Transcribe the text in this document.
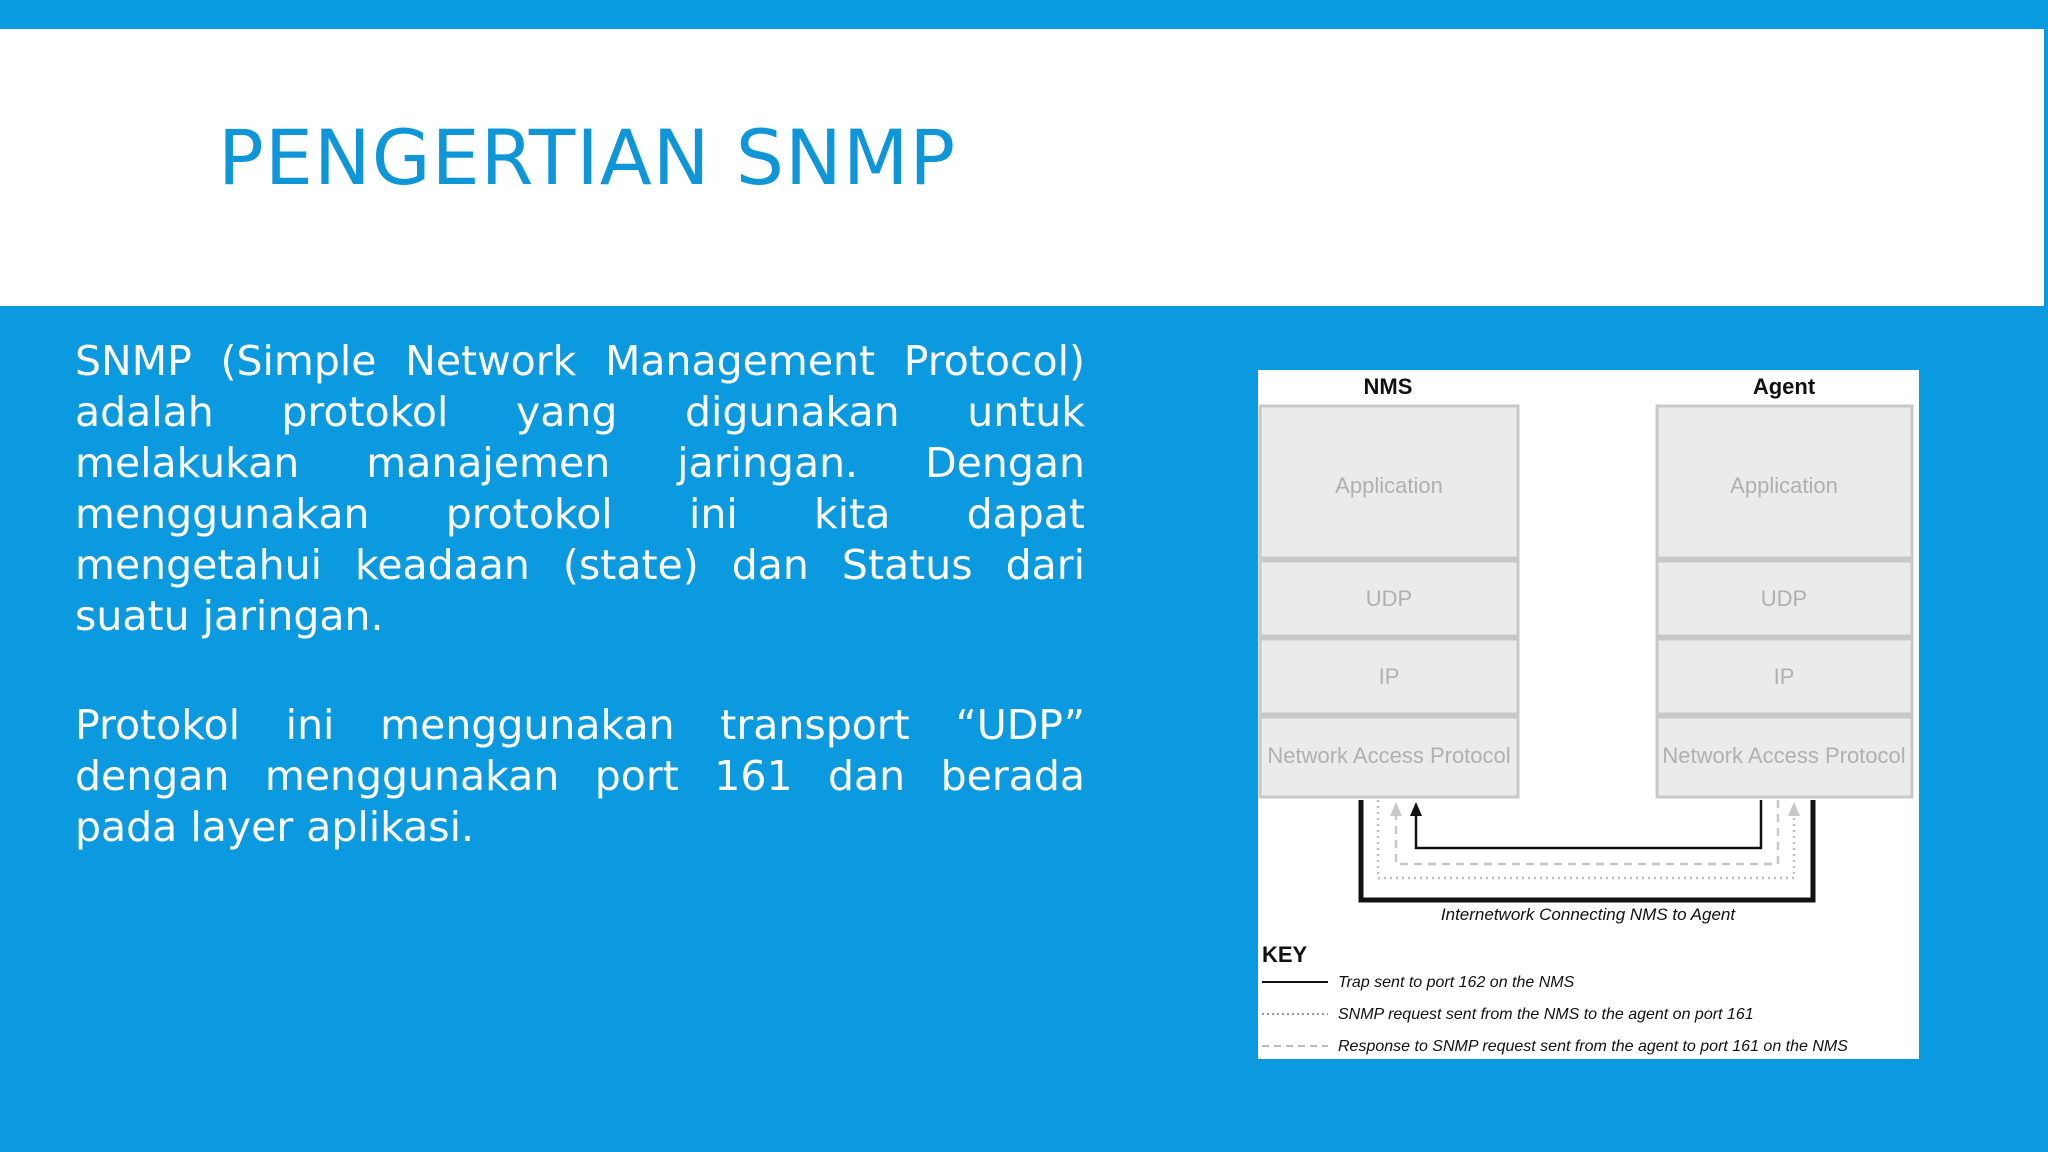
PENGERTIAN SNMP

SNMP (Simple Network Management Protocol) adalah protokol yang digunakan untuk melakukan manajemen jaringan. Dengan menggunakan protokol ini kita dapat mengetahui keadaan (state) dan Status dari suatu jaringan.

Protokol ini menggunakan transport “UDP” dengan menggunakan port 161 dan berada pada layer aplikasi.

NMS	Agent
Application
UDP
IP
Network Access Protocol
Application
UDP
IP
Network Access Protocol
Internetwork Connecting NMS to Agent
KEY
Trap sent to port 162 on the NMS
SNMP request sent from the NMS to the agent on port 161
Response to SNMP request sent from the agent to port 161 on the NMS
